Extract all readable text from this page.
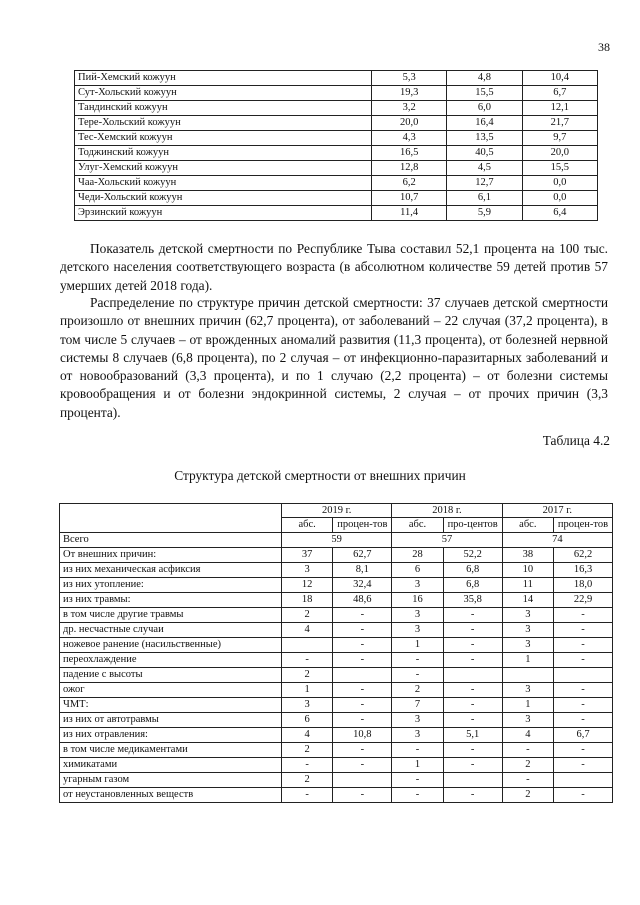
38
Пий-Хемский кожуун	5,3	4,8	10,4
Сут-Хольский кожуун	19,3	15,5	6,7
Тандинский кожуун	3,2	6,0	12,1
Тере-Хольский кожуун	20,0	16,4	21,7
Тес-Хемский кожуун	4,3	13,5	9,7
Тоджинский кожуун	16,5	40,5	20,0
Улуг-Хемский кожуун	12,8	4,5	15,5
Чаа-Хольский кожуун	6,2	12,7	0,0
Чеди-Хольский кожуун	10,7	6,1	0,0
Эрзинский кожуун	11,4	5,9	6,4

Показатель детской смертности по Республике Тыва составил 52,1 процента на 100 тыс. детского населения соответствующего возраста (в абсолютном количестве 59 детей против 57 умерших детей 2018 года).

Распределение по структуре причин детской смертности: 37 случаев детской смертности произошло от внешних причин (62,7 процента), от заболеваний – 22 случая (37,2 процента), в том числе 5 случаев – от врожденных аномалий развития (11,3 процента), от болезней нервной системы 8 случаев (6,8 процента), по 2 случая – от инфекционно-паразитарных заболеваний и от новообразований (3,3 процента), и по 1 случаю (2,2 процента) – от болезни системы кровообращения и от болезни эндокринной системы, 2 случая – от прочих причин (3,3 процента).

Таблица 4.2
Структура детской смертности от внешних причин
	2019 г.		2018 г.		2017 г.	
	абс.	процен-тов	абс.	про-центов	абс.	процен-тов
Всего	59		57		74	
От внешних причин:	37	62,7	28	52,2	38	62,2
из них механическая асфиксия	3	8,1	6	6,8	10	16,3
из них утопление:	12	32,4	3	6,8	11	18,0
из них травмы:	18	48,6	16	35,8	14	22,9
в том числе другие травмы	2	-	3	-	3	-
др. несчастные случаи	4	-	3	-	3	-
ножевое ранение (насильственные)		-	1	-	3	-
переохлаждение	-	-	-	-	1	-
падение с высоты	2		-			
ожог	1	-	2	-	3	-
ЧМТ:	3	-	7	-	1	-
из них от автотравмы	6	-	3	-	3	-
из них отравления:	4	10,8	3	5,1	4	6,7
в том числе медикаментами	2	-	-	-	-	-
химикатами	-	-	1	-	2	-
угарным газом	2		-		-	
от неустановленных веществ	-	-	-	-	2	-
